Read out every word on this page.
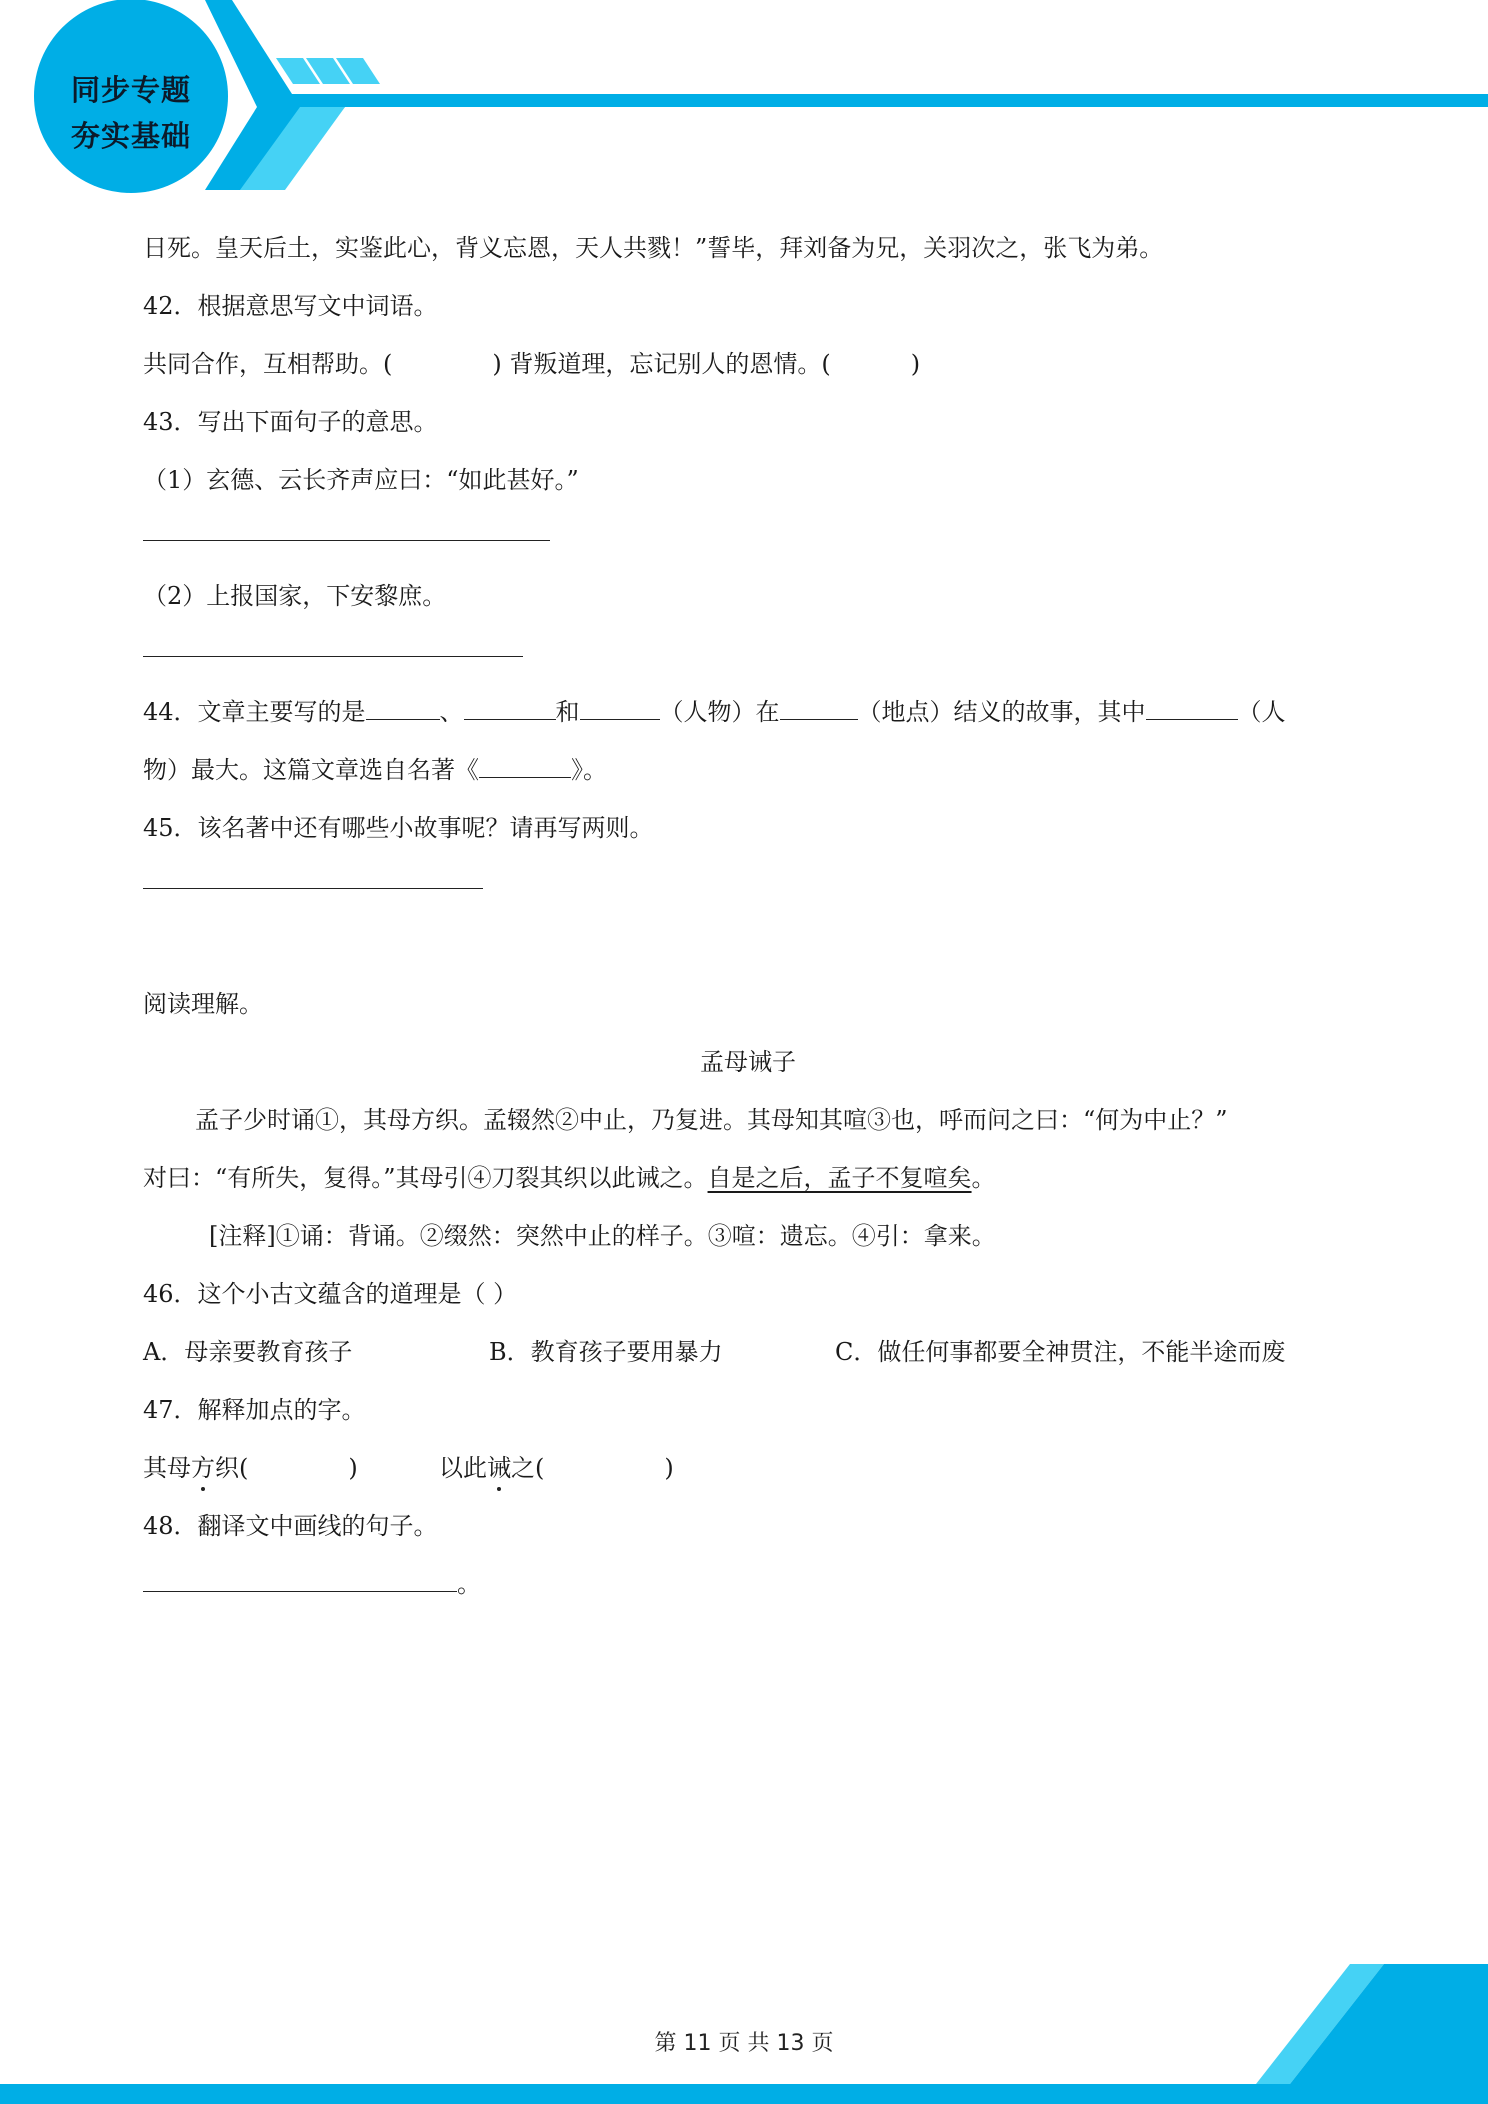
同步专题
夯实基础
日死。皇天后土，实鉴此心，背义忘恩，天人共戮！”誓毕，拜刘备为兄，关羽次之，张飞为弟。
42．根据意思写文中词语。
共同合作，互相帮助。(	) 背叛道理，忘记别人的恩情。(	)
43．写出下面句子的意思。
（1）玄德、云长齐声应曰：“如此甚好。”
（2）上报国家，下安黎庶。
44．文章主要写的是	、	和	（人物）在	（地点）结义的故事，其中	（人
物）最大。这篇文章选自名著《	》。
45．该名著中还有哪些小故事呢？请再写两则。
阅读理解。
孟母诫子
孟子少时诵①，其母方织。孟辍然②中止，乃复进。其母知其喧③也，呼而问之曰：“何为中止？”
对曰：“有所失，复得。”其母引④刀裂其织以此诫之。自是之后，孟子不复喧矣。
[注释]①诵：背诵。②缀然：突然中止的样子。③喧：遗忘。④引：拿来。
46．这个小古文蕴含的道理是（ ）
A．母亲要教育孩子	B．教育孩子要用暴力	C．做任何事都要全神贯注，不能半途而废
47．解释加点的字。
其母方织(	)	以此诫之(	)
48．翻译文中画线的句子。
。
第 11 页 共 13 页
